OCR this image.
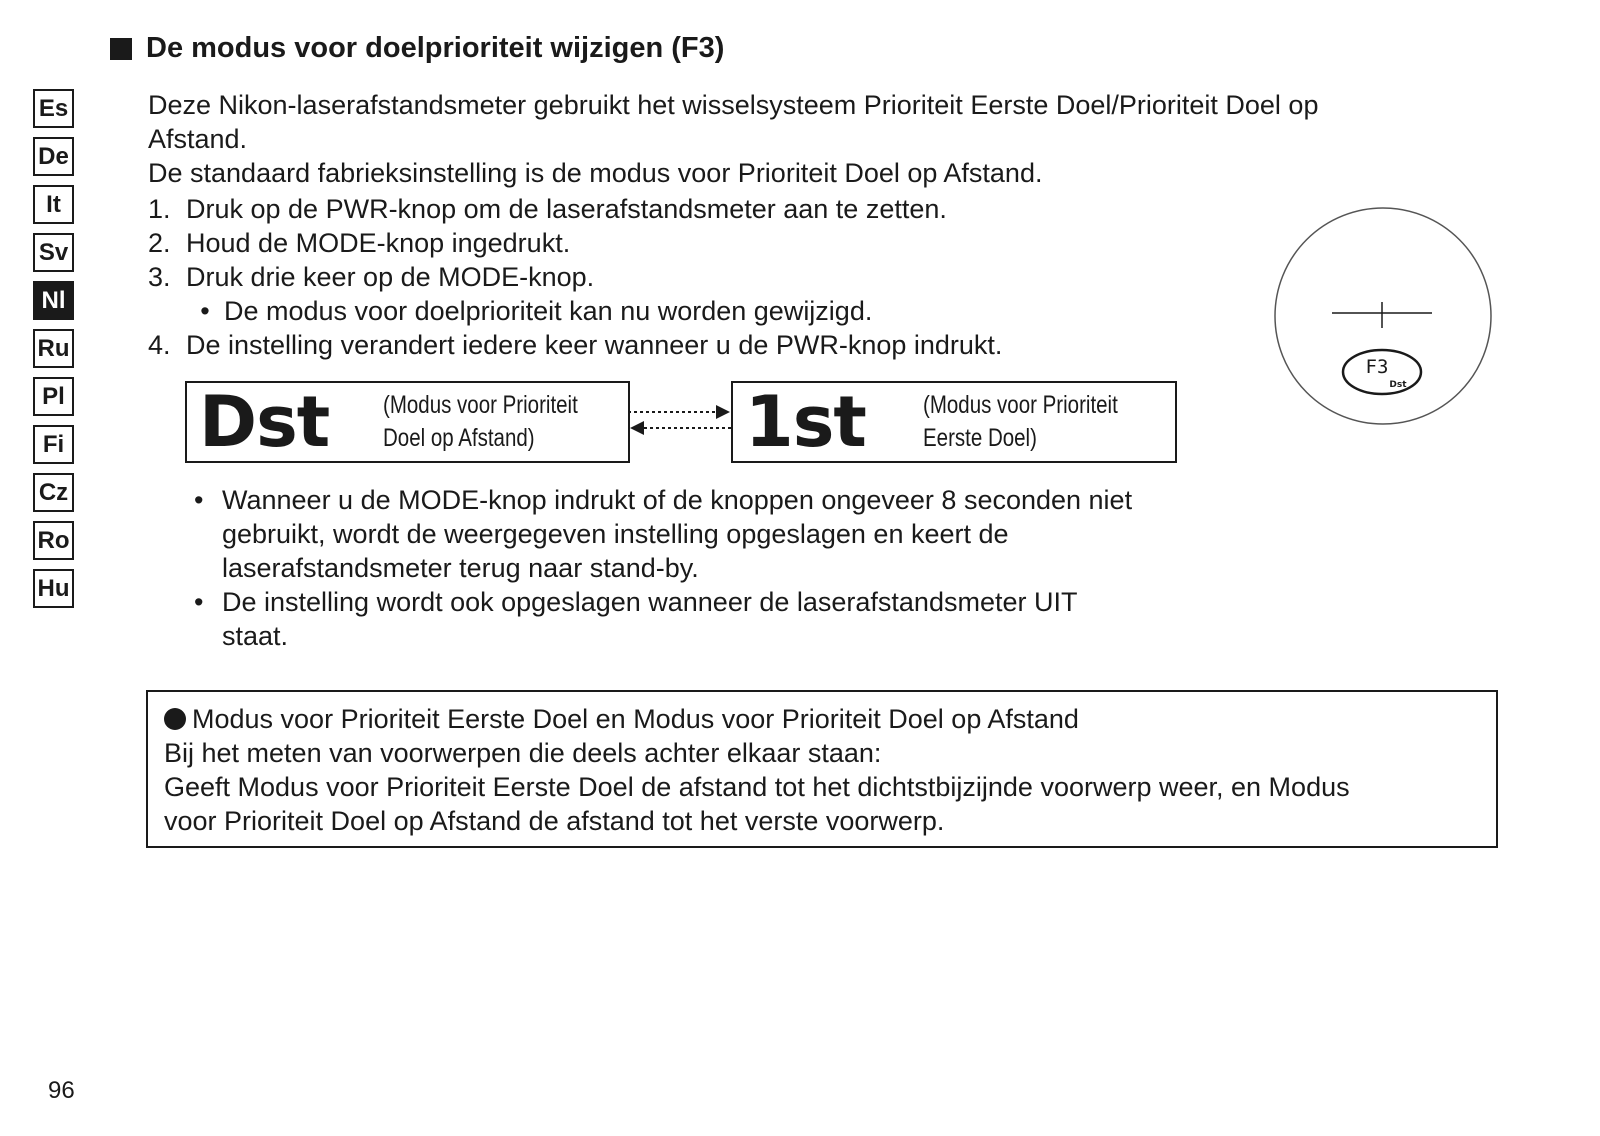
De modus voor doelprioriteit wijzigen (F3)
Es
De
It
Sv
Nl
Ru
Pl
Fi
Cz
Ro
Hu

Deze Nikon-laserafstandsmeter gebruikt het wisselsysteem Prioriteit Eerste Doel/Prioriteit Doel op

Afstand.

De standaard fabrieksinstelling is de modus voor Prioriteit Doel op Afstand.

1. Druk op de PWR-knop om de laserafstandsmeter aan te zetten.
2. Houd de MODE-knop ingedrukt.
3. Druk drie keer op de MODE-knop.
• De modus voor doelprioriteit kan nu worden gewijzigd.
4. De instelling verandert iedere keer wanneer u de PWR-knop indrukt.
Dst	(Modus voor Prioriteit
Doel op Afstand)	1st	(Modus voor Prioriteit
Eerste Doel)
F3
Dst
• Wanneer u de MODE-knop indrukt of de knoppen ongeveer 8 seconden niet
gebruikt, wordt de weergegeven instelling opgeslagen en keert de
laserafstandsmeter terug naar stand-by.
• De instelling wordt ook opgeslagen wanneer de laserafstandsmeter UIT
staat.
Modus voor Prioriteit Eerste Doel en Modus voor Prioriteit Doel op Afstand
Bij het meten van voorwerpen die deels achter elkaar staan:
Geeft Modus voor Prioriteit Eerste Doel de afstand tot het dichtstbijzijnde voorwerp weer, en Modus
voor Prioriteit Doel op Afstand de afstand tot het verste voorwerp.
96
